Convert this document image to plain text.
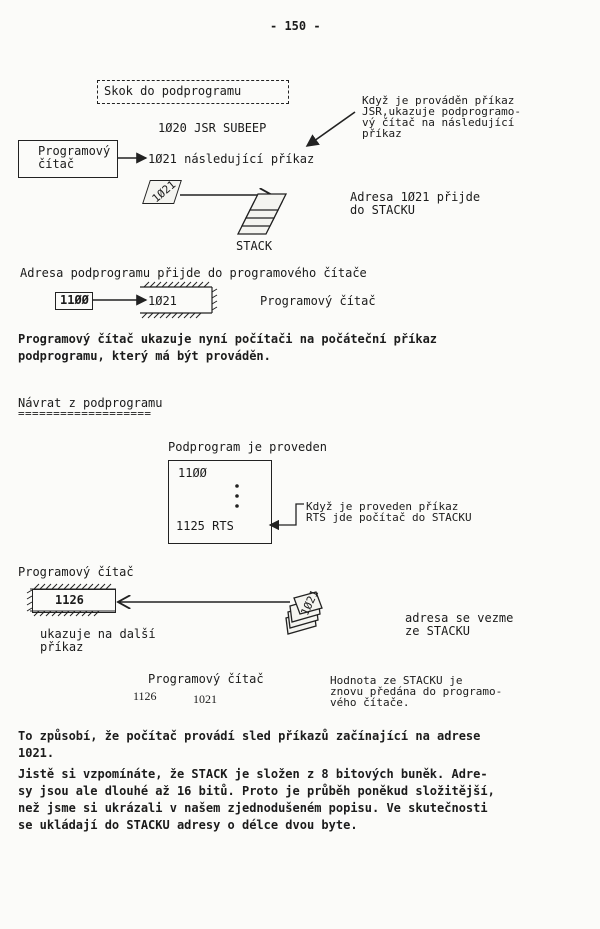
- 150 -
Skok do podprogramu
1Ø20 JSR SUBEEP
Když je prováděn příkaz
JSR,ukazuje podprogramo-
vý čítač na následující
příkaz
Programový
čítač	1Ø21 následující příkaz
1Ø21	Adresa 1Ø21 přijde
do STACKU
STACK
Adresa podprogramu přijde do programového čítače
11ØØ	1Ø21	Programový čítač
Programový čítač ukazuje nyní počítači na počáteční příkaz
podprogramu, který má být prováděn.
Návrat z podprogramu
===================
Podprogram je proveden
11ØØ
1125 RTS
Když je proveden příkaz
RTS jde počítač do STACKU
Programový čítač
1126
ukazuje na další
příkaz
adresa se vezme
ze STACKU
Programový čítač
1126	1021
Hodnota ze STACKU je
znovu předána do programo-
vého čítače.
To způsobí, že počítač provádí sled příkazů začínající na adrese
1021.
Jistě si vzpomínáte, že STACK je složen z 8 bitových buněk. Adre-
sy jsou ale dlouhé až 16 bitů. Proto je průběh poněkud složitější,
než jsme si ukrázali v našem zjednodušeném popisu. Ve skutečnosti
se ukládají do STACKU adresy o délce dvou byte.
1Ø21
